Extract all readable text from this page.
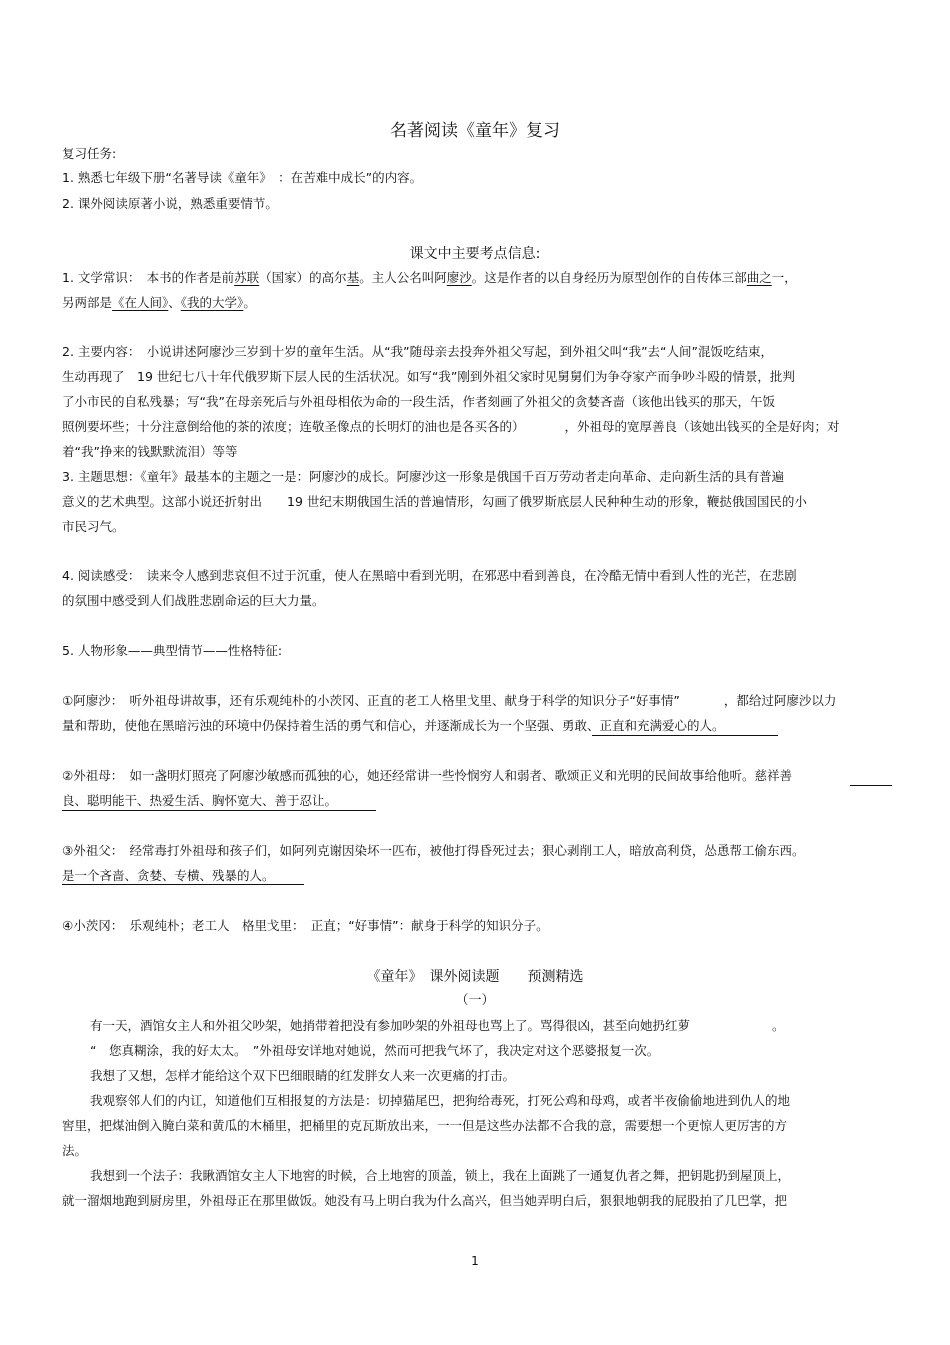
名著阅读《童年》复习
复习任务:
1. 熟悉七年级下册“名著导读《童年》　：在苦难中成长”的内容。
2. 课外阅读原著小说，熟悉重要情节。
课文中主要考点信息:
1. 文学常识：　本书的作者是前苏联（国家）的高尔基。主人公名叫阿廖沙。这是作者的以自身经历为原型创作的自传体三部曲之一，
另两部是《在人间》、《我的大学》。
2. 主要内容：　小说讲述阿廖沙三岁到十岁的童年生活。从“我”随母亲去投奔外祖父写起，到外祖父叫“我”去“人间”混饭吃结束，
生动再现了　19 世纪七八十年代俄罗斯下层人民的生活状况。如写“我”刚到外祖父家时见舅舅们为争夺家产而争吵斗殴的情景，批判
了小市民的自私残暴；写“我”在母亲死后与外祖母相依为命的一段生活，作者刻画了外祖父的贪婪吝啬（该他出钱买的那天，午饭
照例要坏些；十分注意倒给他的茶的浓度；连敬圣像点的长明灯的油也是各买各的）	，外祖母的宽厚善良（该她出钱买的全是好肉；对
着“我”挣来的钱默默流泪）等等
3. 主题思想：《童年》最基本的主题之一是：阿廖沙的成长。阿廖沙这一形象是俄国千百万劳动者走向革命、走向新生活的具有普遍
意义的艺术典型。这部小说还折射出　　19 世纪末期俄国生活的普遍情形，勾画了俄罗斯底层人民种种生动的形象，鞭挞俄国国民的小
市民习气。
4. 阅读感受：　读来令人感到悲哀但不过于沉重，使人在黑暗中看到光明，在邪恶中看到善良，在冷酷无情中看到人性的光芒，在悲剧
的氛围中感受到人们战胜悲剧命运的巨大力量。
5. 人物形象——典型情节——性格特征:
①阿廖沙：　听外祖母讲故事，还有乐观纯朴的小茨冈、正直的老工人格里戈里、献身于科学的知识分子“好事情”	，都给过阿廖沙以力
量和帮助，使他在黑暗污浊的环境中仍保持着生活的勇气和信心，并逐渐成长为一个坚强、勇敢、正直和充满爱心的人。
②外祖母：　如一盏明灯照亮了阿廖沙敏感而孤独的心，她还经常讲一些怜悯穷人和弱者、歌颂正义和光明的民间故事给他听。慈祥善
良、聪明能干、热爱生活、胸怀宽大、善于忍让。
③外祖父：　经常毒打外祖母和孩子们，如阿列克谢因染坏一匹布，被他打得昏死过去；狠心剥削工人，暗放高利贷，怂恿帮工偷东西。
是一个吝啬、贪婪、专横、残暴的人。
④小茨冈：　乐观纯朴；老工人　格里戈里：　正直；“好事情”：献身于科学的知识分子。
《童年》　课外阅读题　　预测精选
（一）
有一天，酒馆女主人和外祖父吵架，她捎带着把没有参加吵架的外祖母也骂上了。骂得很凶，甚至向她扔红萝	。
“　您真糊涂，我的好太太。　”外祖母安详地对她说，然而可把我气坏了，我决定对这个恶婆报复一次。
我想了又想，怎样才能给这个双下巴细眼睛的红发胖女人来一次更痛的打击。
我观察邻人们的内讧，知道他们互相报复的方法是：切掉猫尾巴，把狗给毒死，打死公鸡和母鸡，或者半夜偷偷地进到仇人的地
窖里，把煤油倒入腌白菜和黄瓜的木桶里，把桶里的克瓦斯放出来，一一但是这些办法都不合我的意，需要想一个更惊人更厉害的方
法。
我想到一个法子：我瞅酒馆女主人下地窖的时候，合上地窖的顶盖，锁上，我在上面跳了一通复仇者之舞，把钥匙扔到屋顶上，
就一溜烟地跑到厨房里，外祖母正在那里做饭。她没有马上明白我为什么高兴，但当她弄明白后，狠狠地朝我的屁股拍了几巴掌，把
1
